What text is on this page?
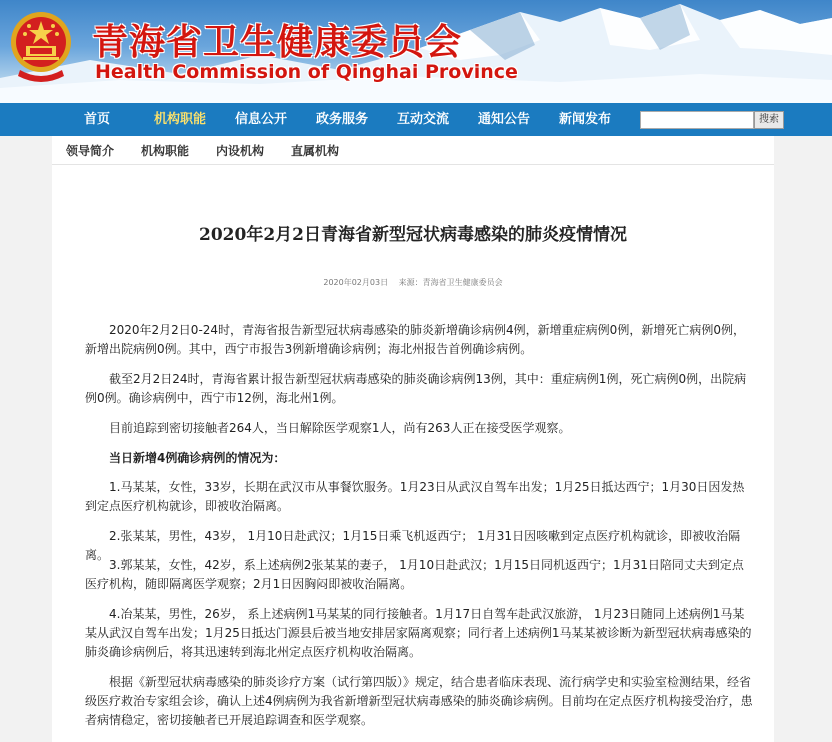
青海省卫生健康委员会
Health Commission of Qinghai Province
首页	机构职能 信息公开 政务服务 互动交流 通知公告 新闻发布	搜索
领导简介 机构职能 内设机构 直属机构
2020年2月2日青海省新型冠状病毒感染的肺炎疫情情况
2020年02月03日 来源：青海省卫生健康委员会

2020年2月2日0-24时，青海省报告新型冠状病毒感染的肺炎新增确诊病例4例，新增重症病例0例，新增死亡病例0例，新增出院病例0例。其中，西宁市报告3例新增确诊病例；海北州报告首例确诊病例。

截至2月2日24时，青海省累计报告新型冠状病毒感染的肺炎确诊病例13例，其中：重症病例1例，死亡病例0例，出院病例0例。确诊病例中，西宁市12例，海北州1例。

目前追踪到密切接触者264人，当日解除医学观察1人，尚有263人正在接受医学观察。

当日新增4例确诊病例的情况为：

1.马某某，女性，33岁，长期在武汉市从事餐饮服务。1月23日从武汉自驾车出发；1月25日抵达西宁；1月30日因发热到定点医疗机构就诊，即被收治隔离。

2.张某某，男性，43岁， 1月10日赴武汉；1月15日乘飞机返西宁； 1月31日因咳嗽到定点医疗机构就诊，即被收治隔离。

3.郭某某，女性，42岁，系上述病例2张某某的妻子， 1月10日赴武汉；1月15日同机返西宁；1月31日陪同丈夫到定点医疗机构，随即隔离医学观察；2月1日因胸闷即被收治隔离。

4.冶某某，男性，26岁， 系上述病例1马某某的同行接触者。1月17日自驾车赴武汉旅游， 1月23日随同上述病例1马某某从武汉自驾车出发；1月25日抵达门源县后被当地安排居家隔离观察；同行者上述病例1马某某被诊断为新型冠状病毒感染的肺炎确诊病例后，将其迅速转到海北州定点医疗机构收治隔离。

根据《新型冠状病毒感染的肺炎诊疗方案（试行第四版）》规定，结合患者临床表现、流行病学史和实验室检测结果，经省级医疗救治专家组会诊，确认上述4例病例为我省新增新型冠状病毒感染的肺炎确诊病例。目前均在定点医疗机构接受治疗，患者病情稳定，密切接触者已开展追踪调查和医学观察。
